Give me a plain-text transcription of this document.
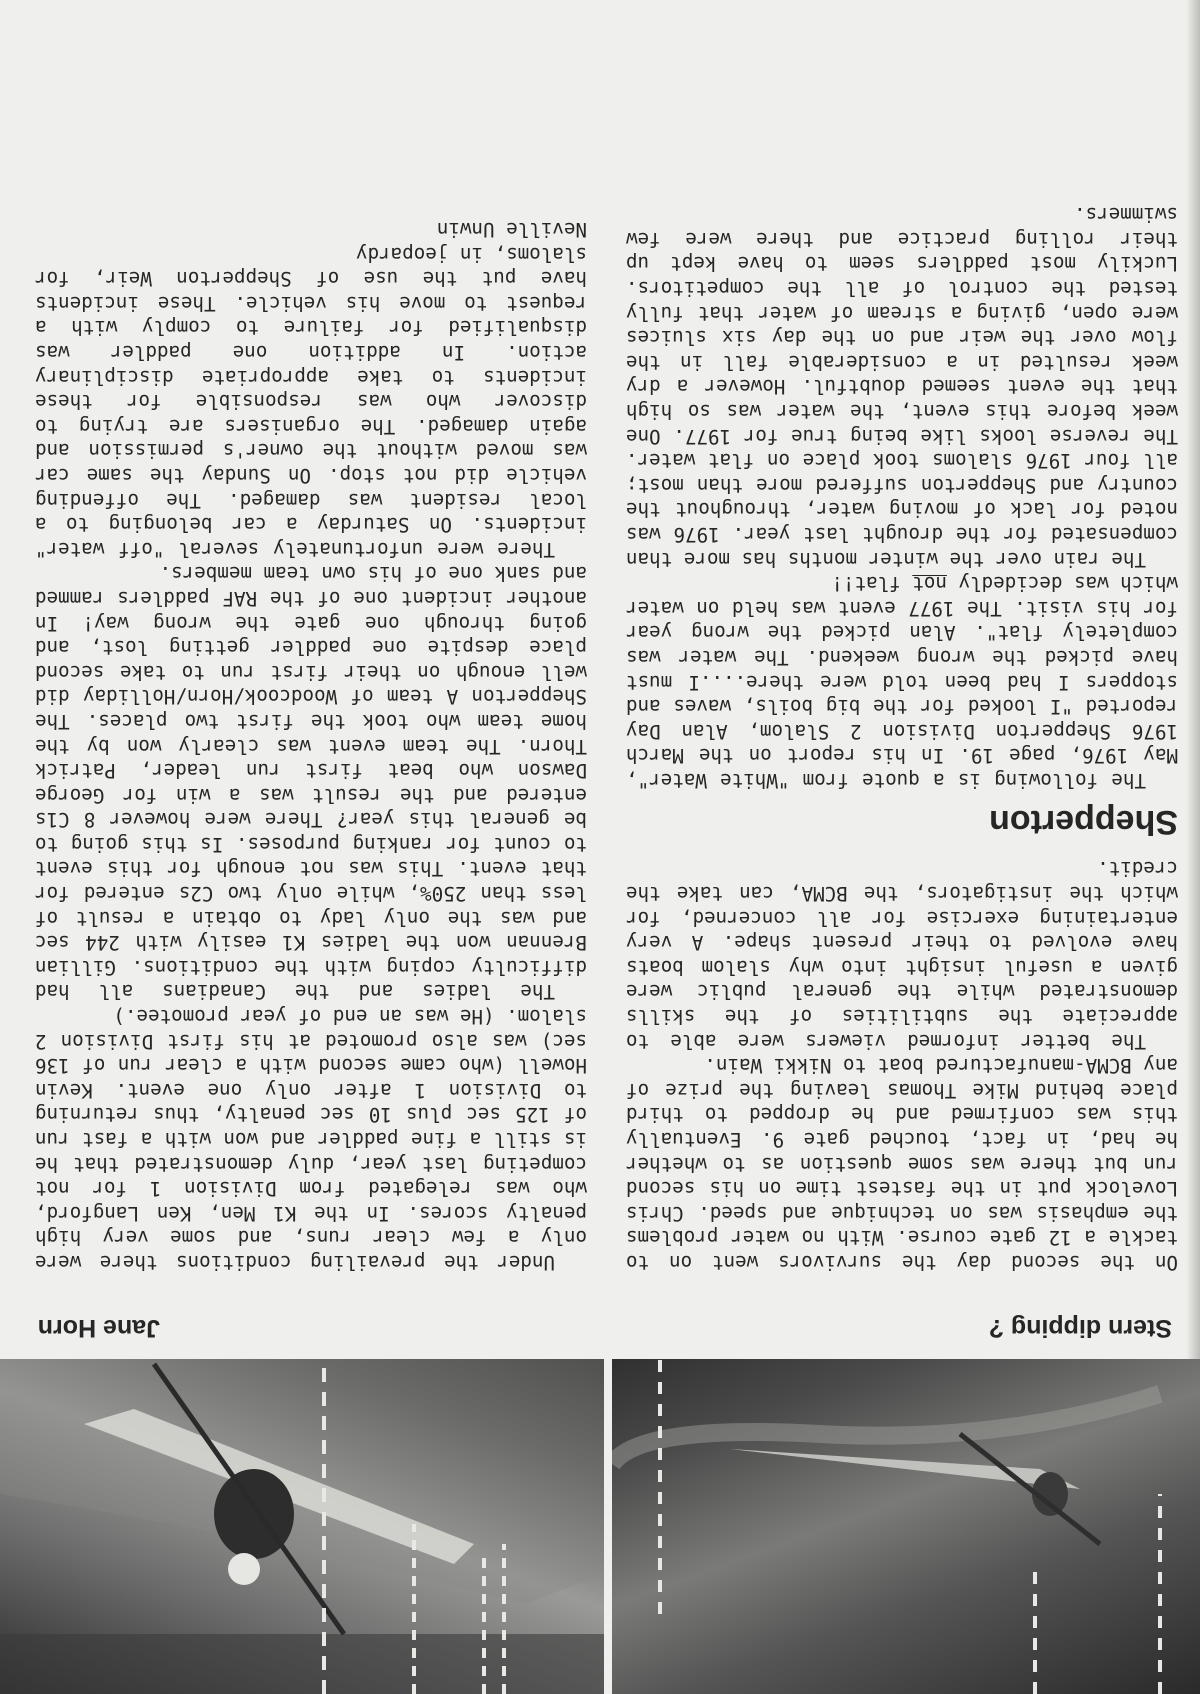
Stern dipping ?
Jane Horn

On the second day the survivors went on to tackle a 12 gate course. With no water problems the emphasis was on technique and speed. Chris Lovelock put in the fastest time on his second run but there was some question as to whether he had, in fact, touched gate 9. Eventually this was confirmed and he dropped to third place behind Mike Thomas leaving the prize of any BCMA-manufactured boat to Nikki Wain.

The better informed viewers were able to appreciate the subtilities of the skills demonstrated while the general public were given a useful insight into why slalom boats have evolved to their present shape. A very entertaining exercise for all concerned, for which the instigators, the BCMA, can take the credit.

Shepperton

The following is a quote from "White Water", May 1976, page 19. In his report on the March 1976 Shepperton Division 2 Slalom, Alan Day reported "I looked for the big boils, waves and stoppers I had been told were there....I must have picked the wrong weekend. The water was completely flat". Alan picked the wrong year for his visit. The 1977 event was held on water which was decidedly not flat!!

The rain over the winter months has more than compensated for the drought last year. 1976 was noted for lack of moving water, throughout the country and Shepperton suffered more than most; all four 1976 slaloms took place on flat water. The reverse looks like being true for 1977. One week before this event, the water was so high that the event seemed doubtful. However a dry week resulted in a considerable fall in the flow over the weir and on the day six sluices were open, giving a stream of water that fully tested the control of all the competitors. Luckily most paddlers seem to have kept up their rolling practice and there were few swimmers.

Under the prevailing conditions there were only a few clear runs, and some very high penalty scores. In the K1 Men, Ken Langford, who was relegated from Division 1 for not competing last year, duly demonstrated that he is still a fine paddler and won with a fast run of 125 sec plus 10 sec penalty, thus returning to Division 1 after only one event. Kevin Howell (who came second with a clear run of 136 sec) was also promoted at his first Division 2 slalom. (He was an end of year promotee.)

The ladies and the Canadians all had difficulty coping with the conditions. Gillian Brennan won the ladies K1 easily with 244 sec and was the only lady to obtain a result of less than 250%, while only two C2s entered for that event. This was not enough for this event to count for ranking purposes. Is this going to be general this year? There were however 8 C1s entered and the result was a win for George Dawson who beat first run leader, Patrick Thorn. The team event was clearly won by the home team who took the first two places. The Shepperton A team of Woodcook/Horn/Holliday did well enough on their first run to take second place despite one paddler getting lost, and going through one gate the wrong way! In another incident one of the RAF paddlers rammed and sank one of his own team members.

There were unfortunately several "off water" incidents. On Saturday a car belonging to a local resident was damaged. The offending vehicle did not stop. On Sunday the same car was moved without the owner's permission and again damaged. The organisers are trying to discover who was responsible for these incidents to take appropriate disciplinary action. In addition one paddler was disqualified for failure to comply with a request to move his vehicle. These incidents have put the use of Shepperton Weir, for slaloms, in jeopardy

Neville Unwin
